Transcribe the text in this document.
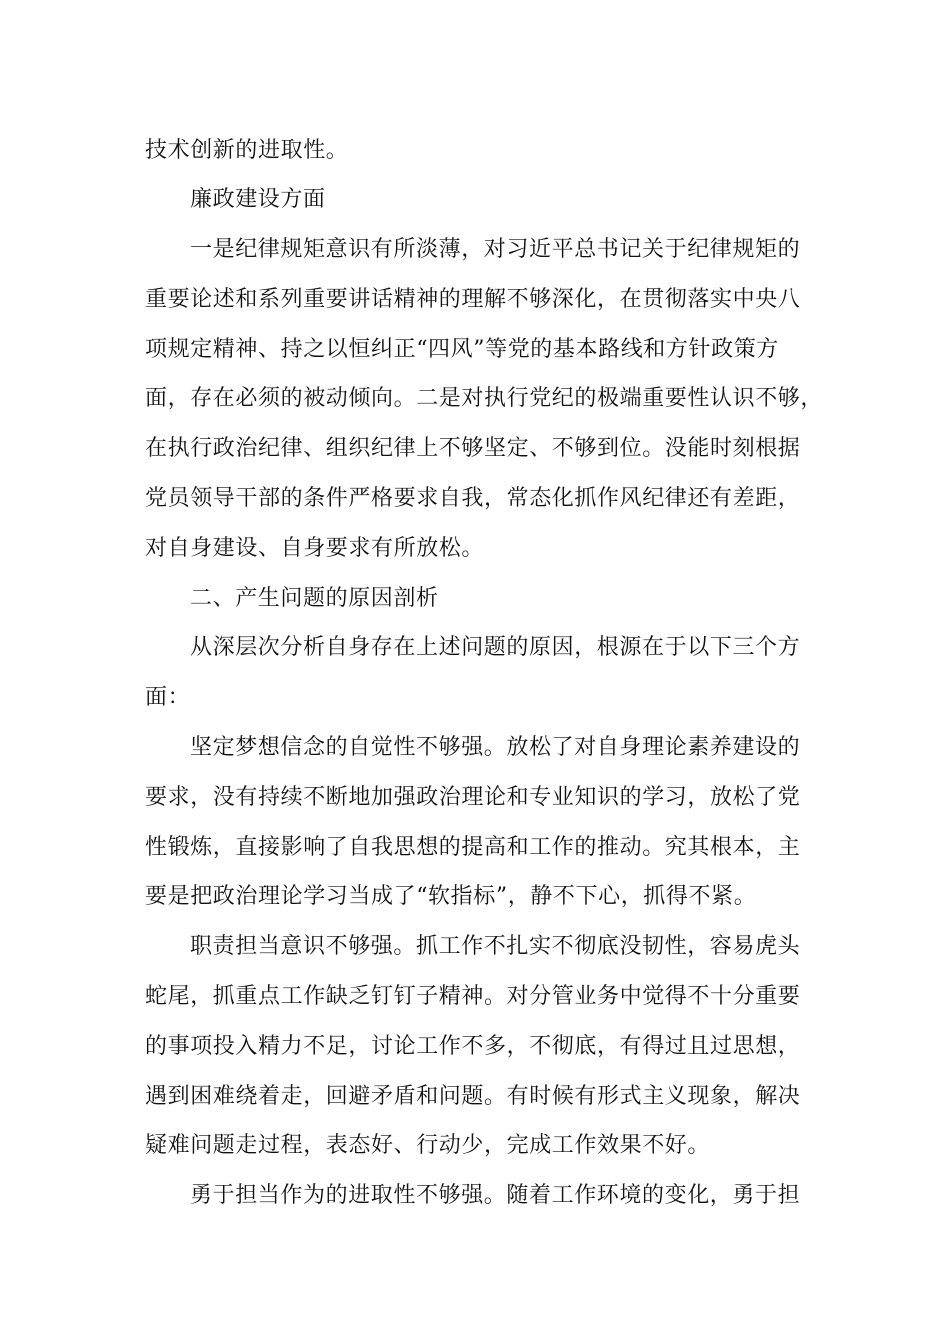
技术创新的进取性。

廉政建设方面

一是纪律规矩意识有所淡薄，对习近平总书记关于纪律规矩的

重要论述和系列重要讲话精神的理解不够深化，在贯彻落实中央八

项规定精神、持之以恒纠正“四风”等党的基本路线和方针政策方

面，存在必须的被动倾向。二是对执行党纪的极端重要性认识不够，

在执行政治纪律、组织纪律上不够坚定、不够到位。没能时刻根据

党员领导干部的条件严格要求自我，常态化抓作风纪律还有差距，

对自身建设、自身要求有所放松。

二、产生问题的原因剖析

从深层次分析自身存在上述问题的原因，根源在于以下三个方

面：

坚定梦想信念的自觉性不够强。放松了对自身理论素养建设的

要求，没有持续不断地加强政治理论和专业知识的学习，放松了党

性锻炼，直接影响了自我思想的提高和工作的推动。究其根本，主

要是把政治理论学习当成了“软指标”，静不下心，抓得不紧。

职责担当意识不够强。抓工作不扎实不彻底没韧性，容易虎头

蛇尾，抓重点工作缺乏钉钉子精神。对分管业务中觉得不十分重要

的事项投入精力不足，讨论工作不多，不彻底，有得过且过思想，

遇到困难绕着走，回避矛盾和问题。有时候有形式主义现象，解决

疑难问题走过程，表态好、行动少，完成工作效果不好。

勇于担当作为的进取性不够强。随着工作环境的变化，勇于担
